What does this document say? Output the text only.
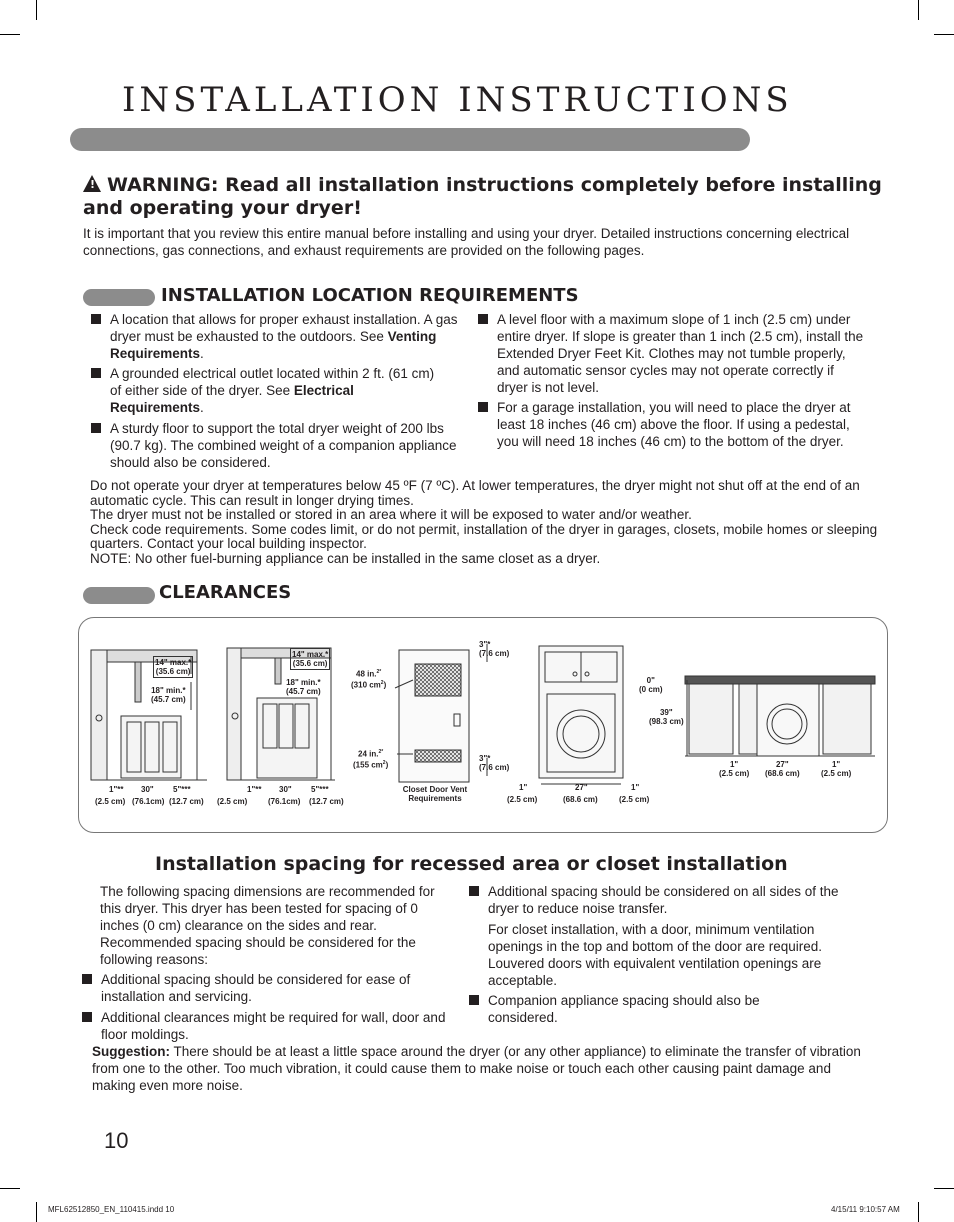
INSTALLATION INSTRUCTIONS
! WARNING: Read all installation instructions completely before installing and operating your dryer!
It is important that you review this entire manual before installing and using your dryer. Detailed instructions concerning electrical connections, gas connections, and exhaust requirements are provided on the following pages.
INSTALLATION LOCATION REQUIREMENTS
A location that allows for proper exhaust installation. A gas dryer must be exhausted to the outdoors. See Venting Requirements.
A grounded electrical outlet located within 2 ft. (61 cm) of either side of the dryer. See Electrical Requirements.
A sturdy floor to support the total dryer weight of 200 lbs (90.7 kg). The combined weight of a companion appliance should also be considered.
A level floor with a maximum slope of 1 inch (2.5 cm) under entire dryer. If slope is greater than 1 inch (2.5 cm), install the Extended Dryer Feet Kit. Clothes may not tumble properly, and automatic sensor cycles may not operate correctly if dryer is not level.
For a garage installation, you will need to place the dryer at least 18 inches (46 cm) above the floor. If using a pedestal, you will need 18 inches (46 cm) to the bottom of the dryer.
Do not operate your dryer at temperatures below 45 ºF (7 ºC). At lower temperatures, the dryer might not shut off at the end of an automatic cycle. This can result in longer drying times.
The dryer must not be installed or stored in an area where it will be exposed to water and/or weather.
Check code requirements. Some codes limit, or do not permit, installation of the dryer in garages, closets, mobile homes or sleeping quarters. Contact your local building inspector.
NOTE: No other fuel-burning appliance can be installed in the same closet as a dryer.
CLEARANCES
14" max.*
(35.6 cm)
18" min.*
(45.7 cm)
1"** 30" 5"***
(2.5 cm) (76.1cm) (12.7 cm)
14" max.*
(35.6 cm)
18" min.*
(45.7 cm)
1"** 30" 5"***
(2.5 cm)	(76.1cm) (12.7 cm)
48 in.$^{2*}$
(310 $cm^2$)
24 in.$^{2*}$
(155 $cm^2$)
3"*
(7.6 cm)
3"*
(7.6 cm)
Closet Door Vent
Requirements
1"	27"	1"
(2.5 cm)	(68.6 cm)	(2.5 cm)
0"
(0 cm)
39"
(98.3 cm)
1"
(2.5 cm)
27"
(68.6 cm)
1"
(2.5 cm)
Installation spacing for recessed area or closet installation
The following spacing dimensions are recommended for this dryer. This dryer has been tested for spacing of 0 inches (0 cm) clearance on the sides and rear. Recommended spacing should be considered for the following reasons:
Additional spacing should be considered for ease of installation and servicing.
Additional clearances might be required for wall, door and floor moldings.
Additional spacing should be considered on all sides of the dryer to reduce noise transfer.
For closet installation, with a door, minimum ventilation openings in the top and bottom of the door are required. Louvered doors with equivalent ventilation openings are acceptable.
Companion appliance spacing should also be considered.
Suggestion: There should be at least a little space around the dryer (or any other appliance) to eliminate the transfer of vibration from one to the other. Too much vibration, it could cause them to make noise or touch each other causing paint damage and making even more noise.
10
MFL62512850_EN_110415.indd 10	4/15/11 9:10:57 AM
